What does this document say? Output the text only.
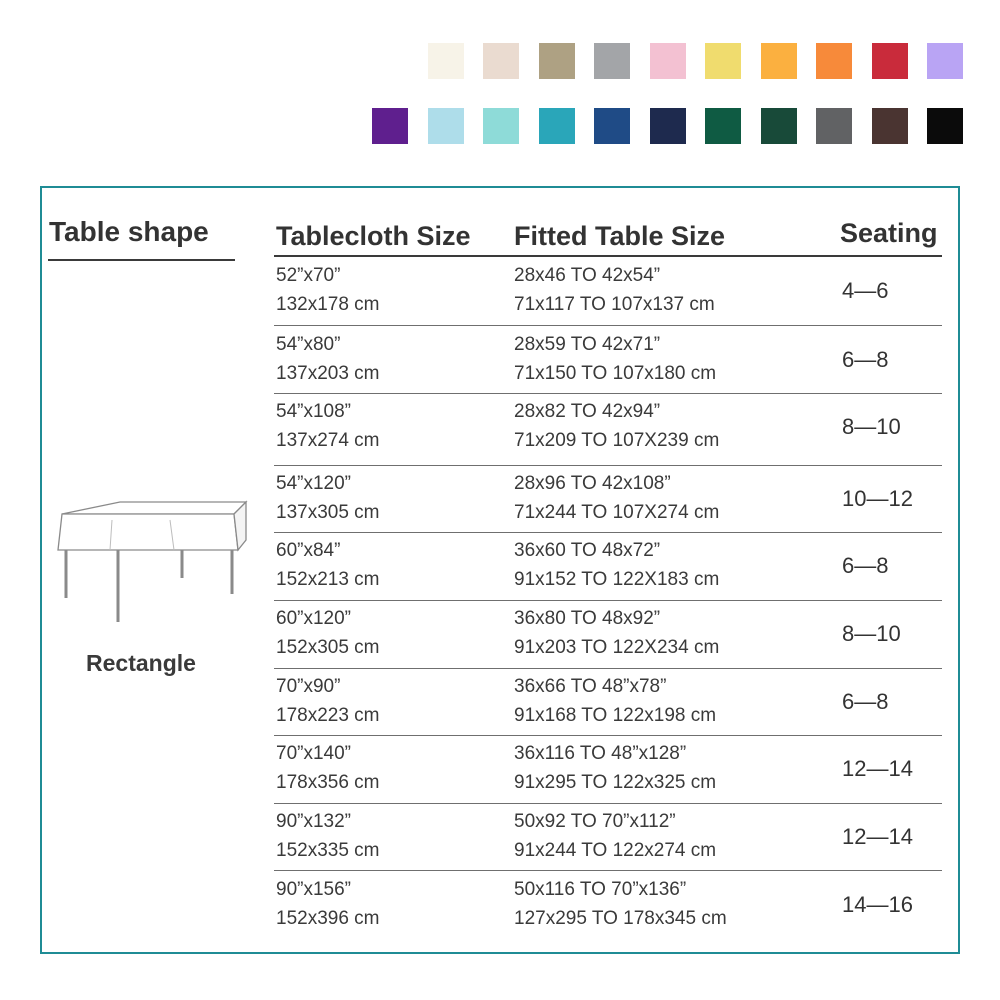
Table shape Tablecloth Size Fitted Table Size	Seating
Rectangle
52”x70”
132x178 cm
28x46 TO 42x54”
71x117 TO 107x137 cm
4—6
54”x80”
137x203 cm
28x59 TO 42x71”
71x150 TO 107x180 cm
6—8
54”x108”
137x274 cm
28x82 TO 42x94”
71x209 TO 107X239 cm
8—10
54”x120”
137x305 cm
28x96 TO 42x108”
71x244 TO 107X274 cm
10—12
60”x84”
152x213 cm
36x60 TO 48x72”
91x152 TO 122X183 cm
6—8
60”x120”
152x305 cm
36x80 TO 48x92”
91x203 TO 122X234 cm
8—10
70”x90”
178x223 cm
36x66 TO 48”x78”
91x168 TO 122x198 cm
6—8
70”x140”
178x356 cm
36x116 TO 48”x128”
91x295 TO 122x325 cm
12—14
90”x132”
152x335 cm
50x92 TO 70”x112”
91x244 TO 122x274 cm
12—14
90”x156”
152x396 cm
50x116 TO 70”x136”
127x295 TO 178x345 cm
14—16
